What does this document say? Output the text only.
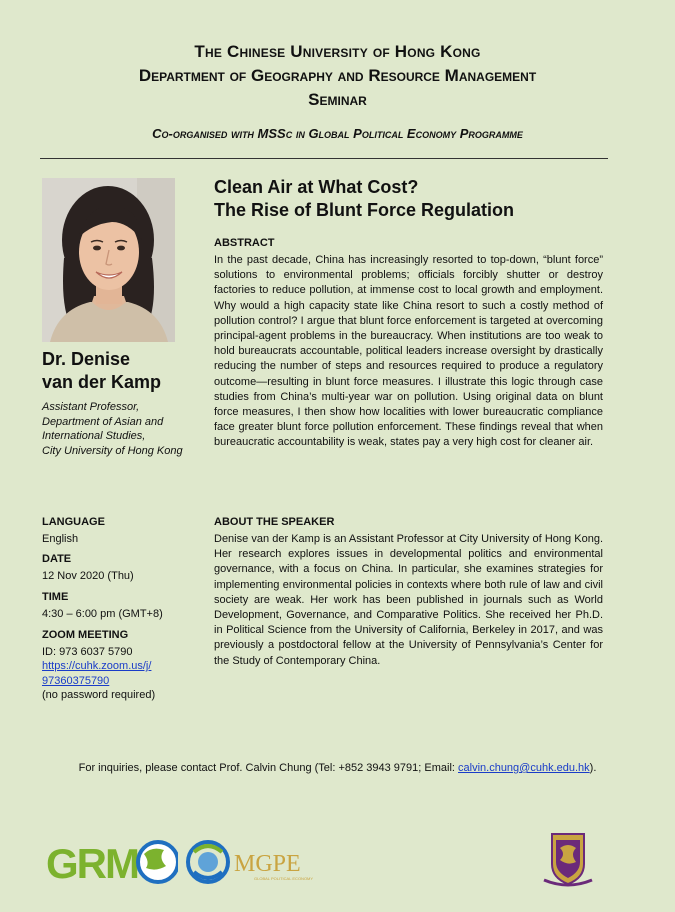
The Chinese University of Hong Kong
Department of Geography and Resource Management
Seminar
Co-organised with MSSc in Global Political Economy Programme
Dr. Denise
van der Kamp
Assistant Professor,
Department of Asian and
International Studies,
City University of Hong Kong
Clean Air at What Cost?
The Rise of Blunt Force Regulation
ABSTRACT
In the past decade, China has increasingly resorted to top-down, “blunt force” solutions to environmental problems; officials forcibly shutter or destroy factories to reduce pollution, at immense cost to local growth and employment. Why would a high capacity state like China resort to such a costly method of pollution control? I argue that blunt force enforcement is targeted at overcoming principal-agent problems in the bureaucracy. When institutions are too weak to hold bureaucrats accountable, political leaders increase oversight by drastically reducing the number of steps and resources required to produce a regulatory outcome—resulting in blunt force measures. I illustrate this logic through case studies from China’s multi-year war on pollution. Using original data on blunt force measures, I then show how localities with lower bureaucratic compliance face greater blunt force pollution enforcement. These findings reveal that when bureaucratic accountability is weak, states pay a very high cost for cleaner air.
ABOUT THE SPEAKER
Denise van der Kamp is an Assistant Professor at City University of Hong Kong. Her research explores issues in developmental politics and environmental governance, with a focus on China. In particular, she examines strategies for implementing environmental policies in contexts where both rule of law and civil society are weak. Her work has been published in journals such as World Development, Governance, and Comparative Politics. She received her Ph.D. in Political Science from the University of California, Berkeley in 2017, and was previously a postdoctoral fellow at the University of Pennsylvania’s Center for the Study of Contemporary China.
LANGUAGE
English
DATE
12 Nov 2020 (Thu)
TIME
4:30 – 6:00 pm (GMT+8)
ZOOM MEETING
ID: 973 6037 5790
https://cuhk.zoom.us/j/
97360375790
(no password required)
For inquiries, please contact Prof. Calvin Chung (Tel: +852 3943 9791; Email: calvin.chung@cuhk.edu.hk).
GRM	MGPE
GLOBAL POLITICAL ECONOMY
